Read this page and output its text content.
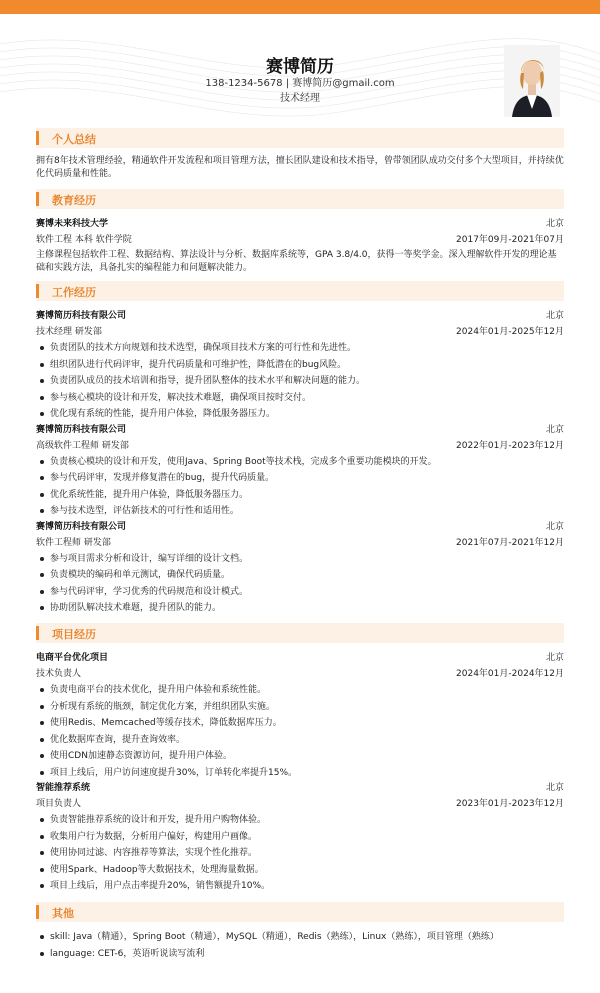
赛博简历
138-1234-5678 | 赛博简历@gmail.com
技术经理
个人总结
拥有8年技术管理经验，精通软件开发流程和项目管理方法，擅长团队建设和技术指导，曾带领团队成功交付多个大型项目，并持续优化代码质量和性能。
教育经历
赛博未来科技大学	北京
软件工程 本科 软件学院	2017年09月-2021年07月
主修课程包括软件工程、数据结构、算法设计与分析、数据库系统等，GPA 3.8/4.0，获得一等奖学金。深入理解软件开发的理论基础和实践方法，具备扎实的编程能力和问题解决能力。
工作经历
赛博简历科技有限公司	北京
技术经理 研发部	2024年01月-2025年12月
负责团队的技术方向规划和技术选型，确保项目技术方案的可行性和先进性。
组织团队进行代码评审，提升代码质量和可维护性，降低潜在的bug风险。
负责团队成员的技术培训和指导，提升团队整体的技术水平和解决问题的能力。
参与核心模块的设计和开发，解决技术难题，确保项目按时交付。
优化现有系统的性能，提升用户体验，降低服务器压力。
赛博简历科技有限公司	北京
高级软件工程师 研发部	2022年01月-2023年12月
负责核心模块的设计和开发，使用Java、Spring Boot等技术栈，完成多个重要功能模块的开发。
参与代码评审，发现并修复潜在的bug，提升代码质量。
优化系统性能，提升用户体验，降低服务器压力。
参与技术选型，评估新技术的可行性和适用性。
赛博简历科技有限公司	北京
软件工程师 研发部	2021年07月-2021年12月
参与项目需求分析和设计，编写详细的设计文档。
负责模块的编码和单元测试，确保代码质量。
参与代码评审，学习优秀的代码规范和设计模式。
协助团队解决技术难题，提升团队的能力。
项目经历
电商平台优化项目	北京
技术负责人	2024年01月-2024年12月
负责电商平台的技术优化，提升用户体验和系统性能。
分析现有系统的瓶颈，制定优化方案，并组织团队实施。
使用Redis、Memcached等缓存技术，降低数据库压力。
优化数据库查询，提升查询效率。
使用CDN加速静态资源访问，提升用户体验。
项目上线后，用户访问速度提升30%，订单转化率提升15%。
智能推荐系统	北京
项目负责人	2023年01月-2023年12月
负责智能推荐系统的设计和开发，提升用户购物体验。
收集用户行为数据，分析用户偏好，构建用户画像。
使用协同过滤、内容推荐等算法，实现个性化推荐。
使用Spark、Hadoop等大数据技术，处理海量数据。
项目上线后，用户点击率提升20%，销售额提升10%。
其他
skill: Java（精通），Spring Boot（精通），MySQL（精通），Redis（熟练），Linux（熟练），项目管理（熟练）
language: CET-6，英语听说读写流利
